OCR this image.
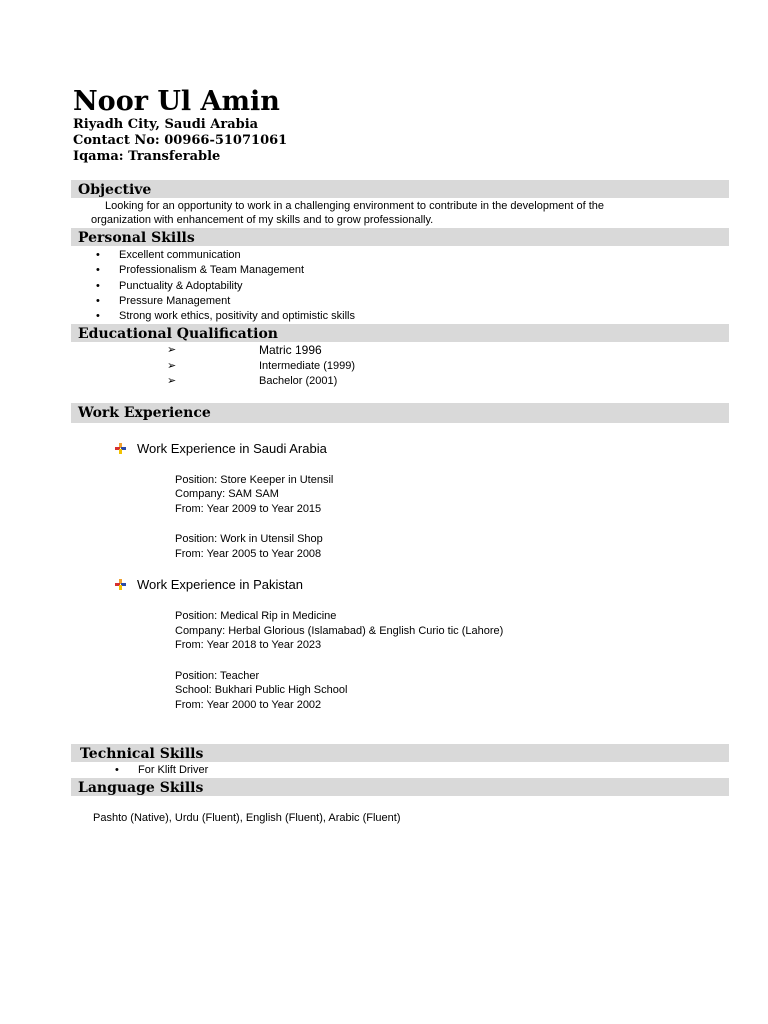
Noor Ul Amin
Riyadh City, Saudi Arabia
Contact No: 00966-51071061
Iqama: Transferable
Objective
Looking for an opportunity to work in a challenging environment to contribute in the development of the
organization with enhancement of my skills and to grow professionally.
Personal Skills
• Excellent communication
• Professionalism & Team Management
• Punctuality & Adoptability
• Pressure Management
• Strong work ethics, positivity and optimistic skills
Educational Qualification
➢	Matric 1996
➢	Intermediate (1999)
➢	Bachelor (2001)
Work Experience
Work Experience in Saudi Arabia
Position: Store Keeper in Utensil
Company: SAM SAM
From: Year 2009 to Year 2015
Position: Work in Utensil Shop
From: Year 2005 to Year 2008
Work Experience in Pakistan
Position: Medical Rip in Medicine
Company: Herbal Glorious (Islamabad) & English Curio tic (Lahore)
From: Year 2018 to Year 2023
Position: Teacher
School: Bukhari Public High School
From: Year 2000 to Year 2002
Technical Skills
• For Klift Driver
Language Skills
Pashto (Native), Urdu (Fluent), English (Fluent), Arabic (Fluent)
